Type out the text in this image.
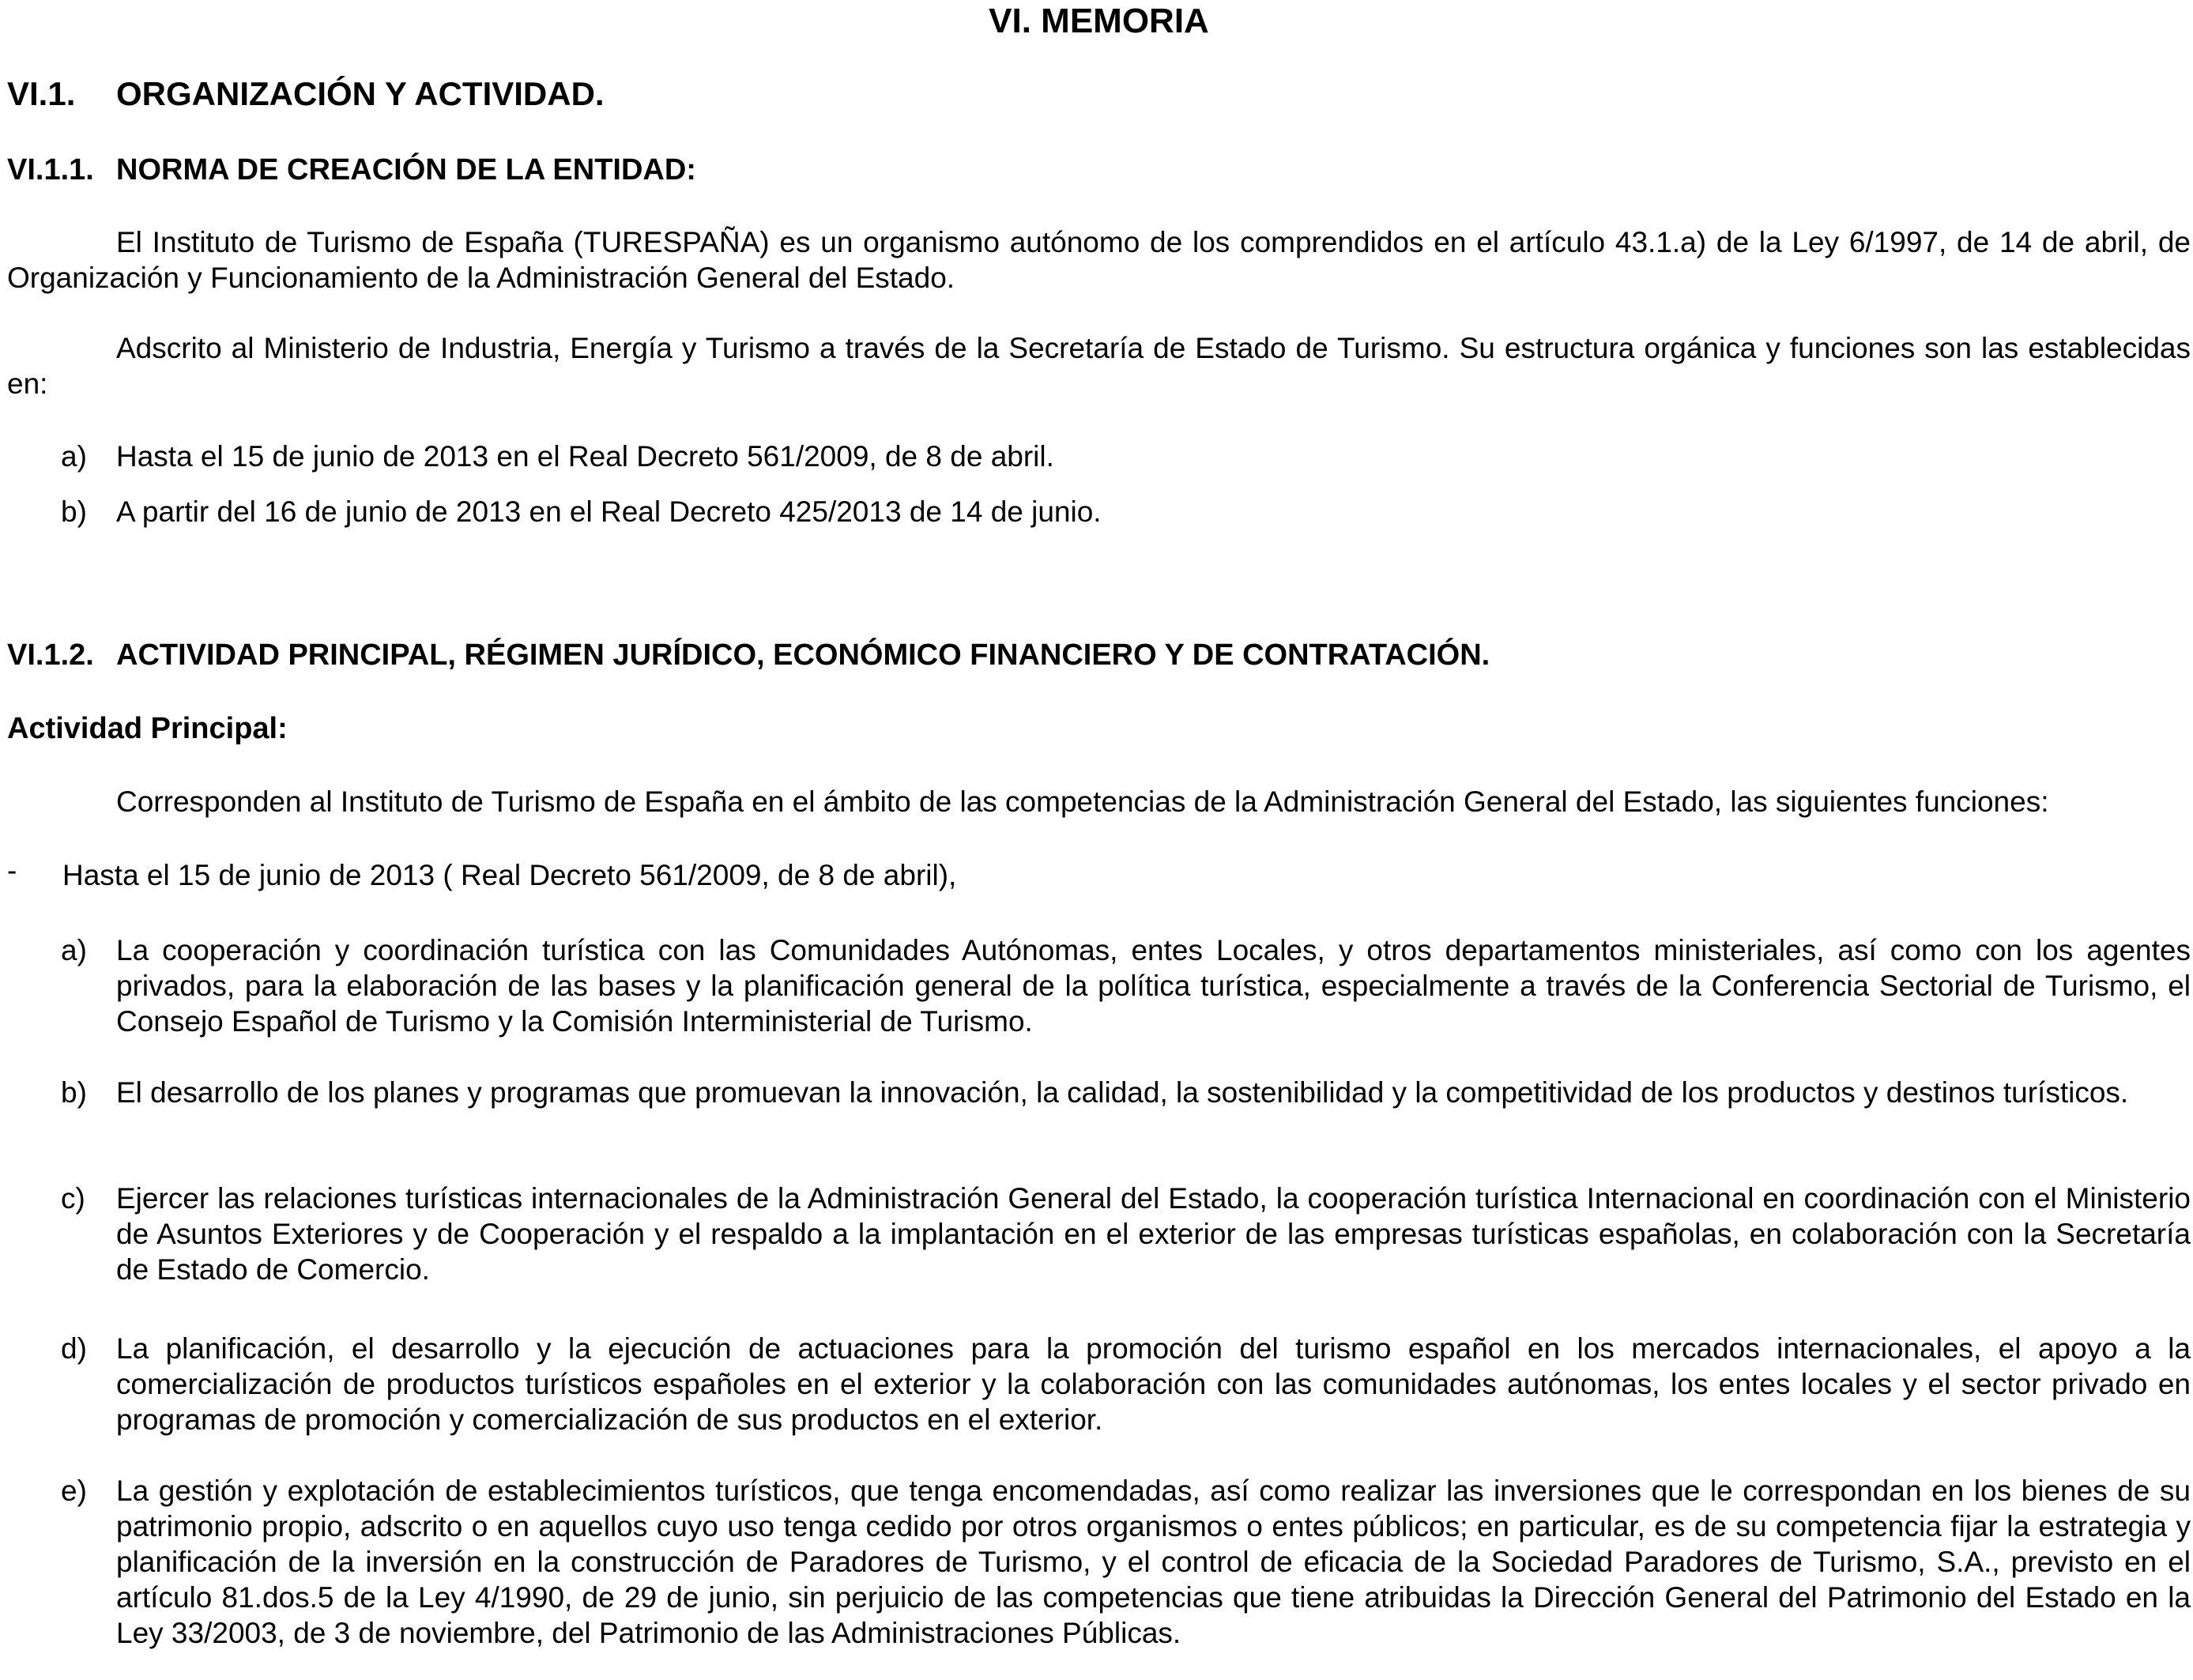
VI. MEMORIA
VI.1. ORGANIZACIÓN Y ACTIVIDAD.
VI.1.1. NORMA DE CREACIÓN DE LA ENTIDAD:

El Instituto de Turismo de España (TURESPAÑA) es un organismo autónomo de los comprendidos en el artículo 43.1.a) de la Ley 6/1997, de 14 de abril, de Organización y Funcionamiento de la Administración General del Estado.

Adscrito al Ministerio de Industria, Energía y Turismo a través de la Secretaría de Estado de Turismo. Su estructura orgánica y funciones son las establecidas en:

a) Hasta el 15 de junio de 2013 en el Real Decreto 561/2009, de 8 de abril.
b) A partir del 16 de junio de 2013 en el Real Decreto 425/2013 de 14 de junio.
VI.1.2. ACTIVIDAD PRINCIPAL, RÉGIMEN JURÍDICO, ECONÓMICO FINANCIERO Y DE CONTRATACIÓN.
Actividad Principal:

Corresponden al Instituto de Turismo de España en el ámbito de las competencias de la Administración General del Estado, las siguientes funciones:

- Hasta el 15 de junio de 2013 ( Real Decreto 561/2009, de 8 de abril),
a) La cooperación y coordinación turística con las Comunidades Autónomas, entes Locales, y otros departamentos ministeriales, así como con los agentes privados, para la elaboración de las bases y la planificación general de la política turística, especialmente a través de la Conferencia Sectorial de Turismo, el Consejo Español de Turismo y la Comisión Interministerial de Turismo.
b) El desarrollo de los planes y programas que promuevan la innovación, la calidad, la sostenibilidad y la competitividad de los productos y destinos turísticos.
c) Ejercer las relaciones turísticas internacionales de la Administración General del Estado, la cooperación turística Internacional en coordinación con el Ministerio de Asuntos Exteriores y de Cooperación y el respaldo a la implantación en el exterior de las empresas turísticas españolas, en colaboración con la Secretaría de Estado de Comercio.
d) La planificación, el desarrollo y la ejecución de actuaciones para la promoción del turismo español en los mercados internacionales, el apoyo a la comercialización de productos turísticos españoles en el exterior y la colaboración con las comunidades autónomas, los entes locales y el sector privado en programas de promoción y comercialización de sus productos en el exterior.
e) La gestión y explotación de establecimientos turísticos, que tenga encomendadas, así como realizar las inversiones que le correspondan en los bienes de su patrimonio propio, adscrito o en aquellos cuyo uso tenga cedido por otros organismos o entes públicos; en particular, es de su competencia fijar la estrategia y planificación de la inversión en la construcción de Paradores de Turismo, y el control de eficacia de la Sociedad Paradores de Turismo, S.A., previsto en el artículo 81.dos.5 de la Ley 4/1990, de 29 de junio, sin perjuicio de las competencias que tiene atribuidas la Dirección General del Patrimonio del Estado en la Ley 33/2003, de 3 de noviembre, del Patrimonio de las Administraciones Públicas.
